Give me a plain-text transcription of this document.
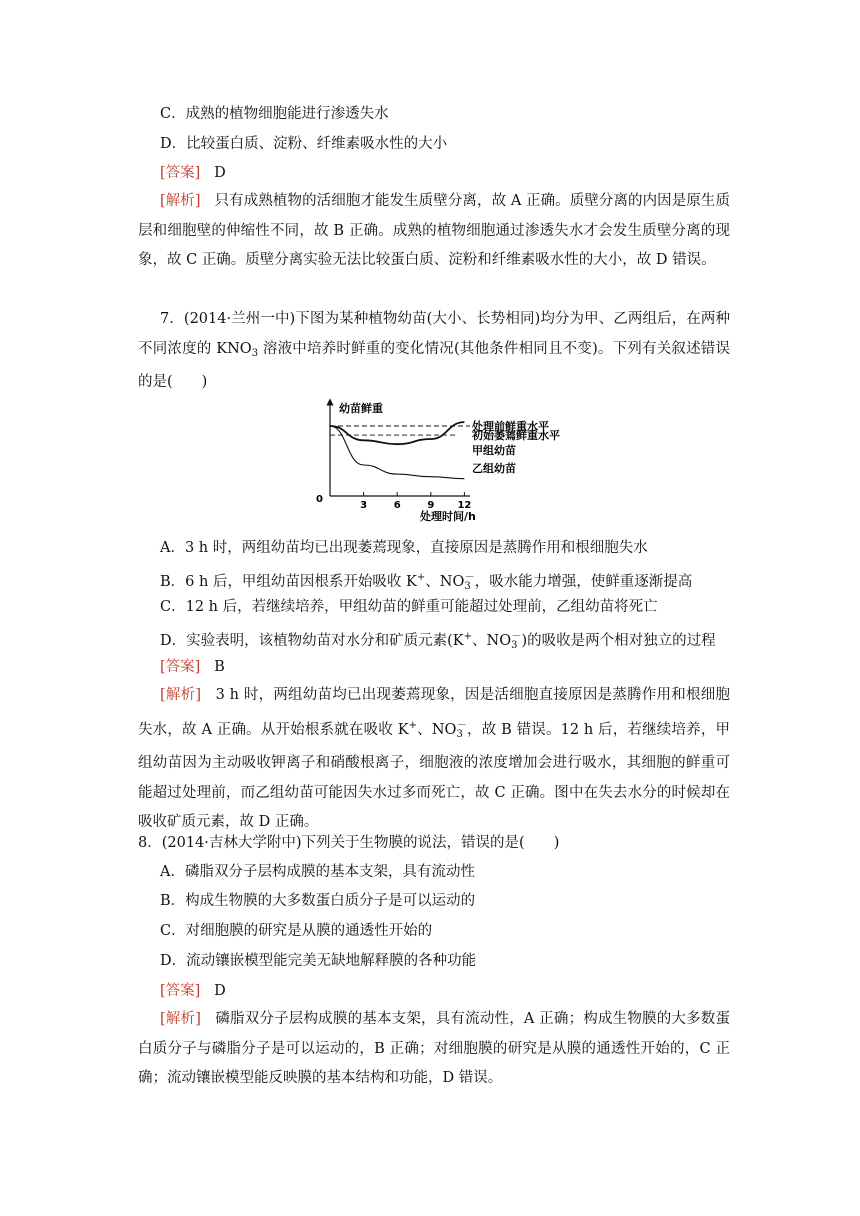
C．成熟的植物细胞能进行渗透失水
D．比较蛋白质、淀粉、纤维素吸水性的大小
[答案] D
[解析] 只有成熟植物的活细胞才能发生质壁分离，故 A 正确。质壁分离的内因是原生质层和细胞壁的伸缩性不同，故 B 正确。成熟的植物细胞通过渗透失水才会发生质壁分离的现象，故 C 正确。质壁分离实验无法比较蛋白质、淀粉和纤维素吸水性的大小，故 D 错误。
7．(2014·兰州一中)下图为某种植物幼苗(大小、长势相同)均分为甲、乙两组后，在两种不同浓度的 $KNO_3$ 溶液中培养时鲜重的变化情况(其他条件相同且不变)。下列有关叙述错误的是(　　)
幼苗鲜重
0
处理时间/h
3	6	9 12
处理前鲜重水平
初始萎蔫鲜重水平
甲组幼苗
乙组幼苗
A．3 h 时，两组幼苗均已出现萎蔫现象，直接原因是蒸腾作用和根细胞失水
B．6 h 后，甲组幼苗因根系开始吸收 K+、$NO_3^-$，吸水能力增强，使鲜重逐渐提高
C．12 h 后，若继续培养，甲组幼苗的鲜重可能超过处理前，乙组幼苗将死亡
D．实验表明，该植物幼苗对水分和矿质元素(K+、$NO_3^-$)的吸收是两个相对独立的过程
[答案] B
[解析] 3 h 时，两组幼苗均已出现萎蔫现象，因是活细胞直接原因是蒸腾作用和根细胞失水，故 A 正确。从开始根系就在吸收 K+、$NO_3^-$，故 B 错误。12 h 后，若继续培养，甲组幼苗因为主动吸收钾离子和硝酸根离子，细胞液的浓度增加会进行吸水，其细胞的鲜重可能超过处理前，而乙组幼苗可能因失水过多而死亡，故 C 正确。图中在失去水分的时候却在吸收矿质元素，故 D 正确。
8．(2014·吉林大学附中)下列关于生物膜的说法，错误的是(　　)
A．磷脂双分子层构成膜的基本支架，具有流动性
B．构成生物膜的大多数蛋白质分子是可以运动的
C．对细胞膜的研究是从膜的通透性开始的
D．流动镶嵌模型能完美无缺地解释膜的各种功能
[答案] D
[解析] 磷脂双分子层构成膜的基本支架，具有流动性，A 正确；构成生物膜的大多数蛋白质分子与磷脂分子是可以运动的，B 正确；对细胞膜的研究是从膜的通透性开始的，C 正确；流动镶嵌模型能反映膜的基本结构和功能，D 错误。
